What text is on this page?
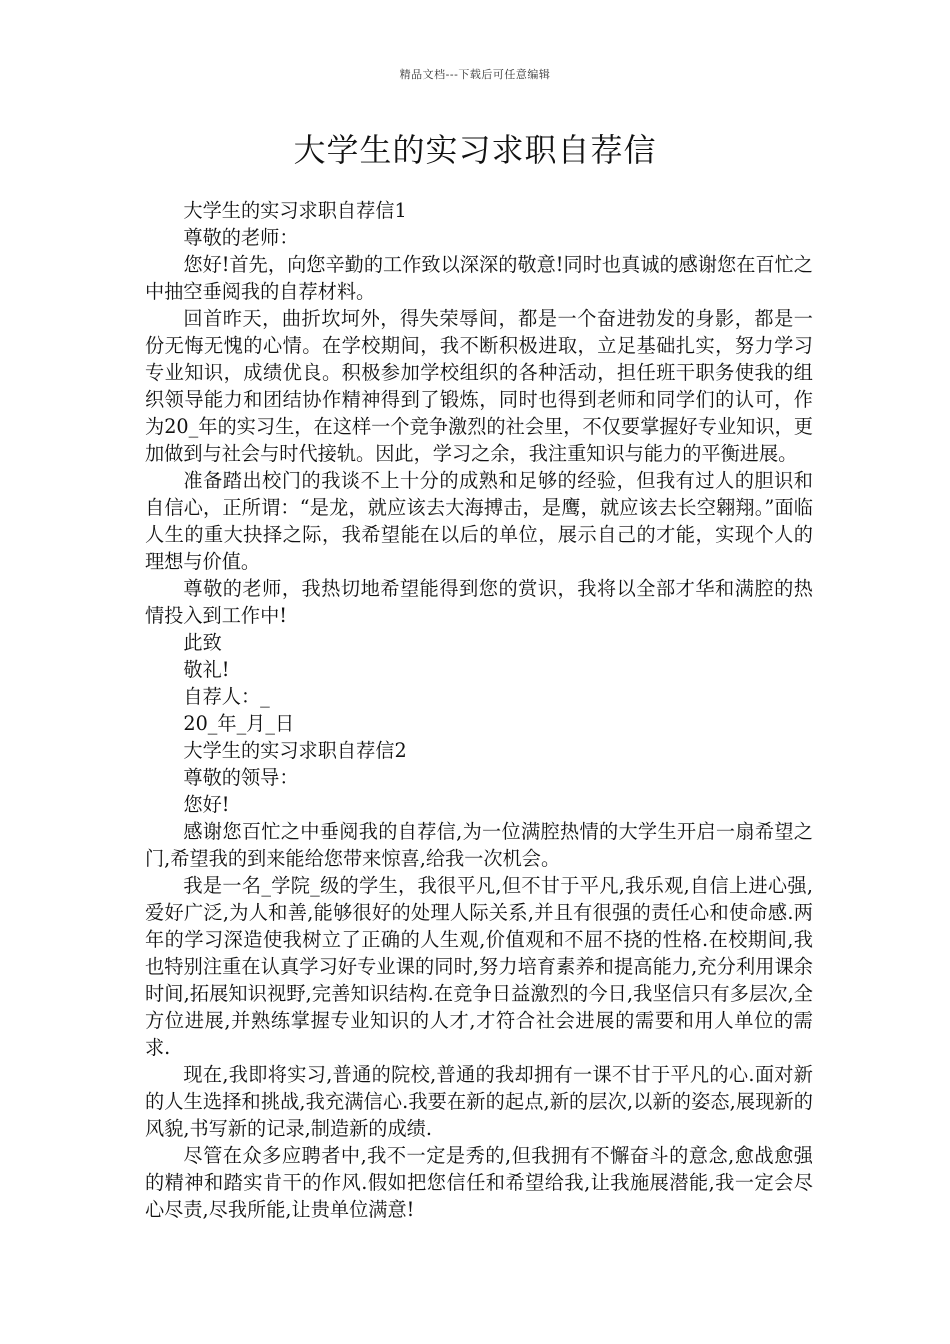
精品文档---下载后可任意编辑
大学生的实习求职自荐信

大学生的实习求职自荐信1

尊敬的老师：

您好!首先，向您辛勤的工作致以深深的敬意!同时也真诚的感谢您在百忙之中抽空垂阅我的自荐材料。

回首昨天，曲折坎坷外，得失荣辱间，都是一个奋进勃发的身影，都是一份无悔无愧的心情。在学校期间，我不断积极进取，立足基础扎实，努力学习专业知识，成绩优良。积极参加学校组织的各种活动，担任班干职务使我的组织领导能力和团结协作精神得到了锻炼，同时也得到老师和同学们的认可，作为20_年的实习生，在这样一个竞争激烈的社会里，不仅要掌握好专业知识，更加做到与社会与时代接轨。因此，学习之余，我注重知识与能力的平衡进展。

准备踏出校门的我谈不上十分的成熟和足够的经验，但我有过人的胆识和自信心，正所谓：“是龙，就应该去大海搏击，是鹰，就应该去长空翱翔。”面临人生的重大抉择之际，我希望能在以后的单位，展示自己的才能，实现个人的理想与价值。

尊敬的老师，我热切地希望能得到您的赏识，我将以全部才华和满腔的热情投入到工作中!

此致

敬礼!

自荐人：_

20_年_月_日

大学生的实习求职自荐信2

尊敬的领导：

您好!

感谢您百忙之中垂阅我的自荐信,为一位满腔热情的大学生开启一扇希望之门,希望我的到来能给您带来惊喜,给我一次机会。

我是一名_学院_级的学生，我很平凡,但不甘于平凡,我乐观,自信上进心强,爱好广泛,为人和善,能够很好的处理人际关系,并且有很强的责任心和使命感.两年的学习深造使我树立了正确的人生观,价值观和不屈不挠的性格.在校期间,我也特别注重在认真学习好专业课的同时,努力培育素养和提高能力,充分利用课余时间,拓展知识视野,完善知识结构.在竞争日益激烈的今日,我坚信只有多层次,全方位进展,并熟练掌握专业知识的人才,才符合社会进展的需要和用人单位的需求.

现在,我即将实习,普通的院校,普通的我却拥有一课不甘于平凡的心.面对新的人生选择和挑战,我充满信心.我要在新的起点,新的层次,以新的姿态,展现新的风貌,书写新的记录,制造新的成绩.

尽管在众多应聘者中,我不一定是秀的,但我拥有不懈奋斗的意念,愈战愈强的精神和踏实肯干的作风.假如把您信任和希望给我,让我施展潜能,我一定会尽心尽责,尽我所能,让贵单位满意!
